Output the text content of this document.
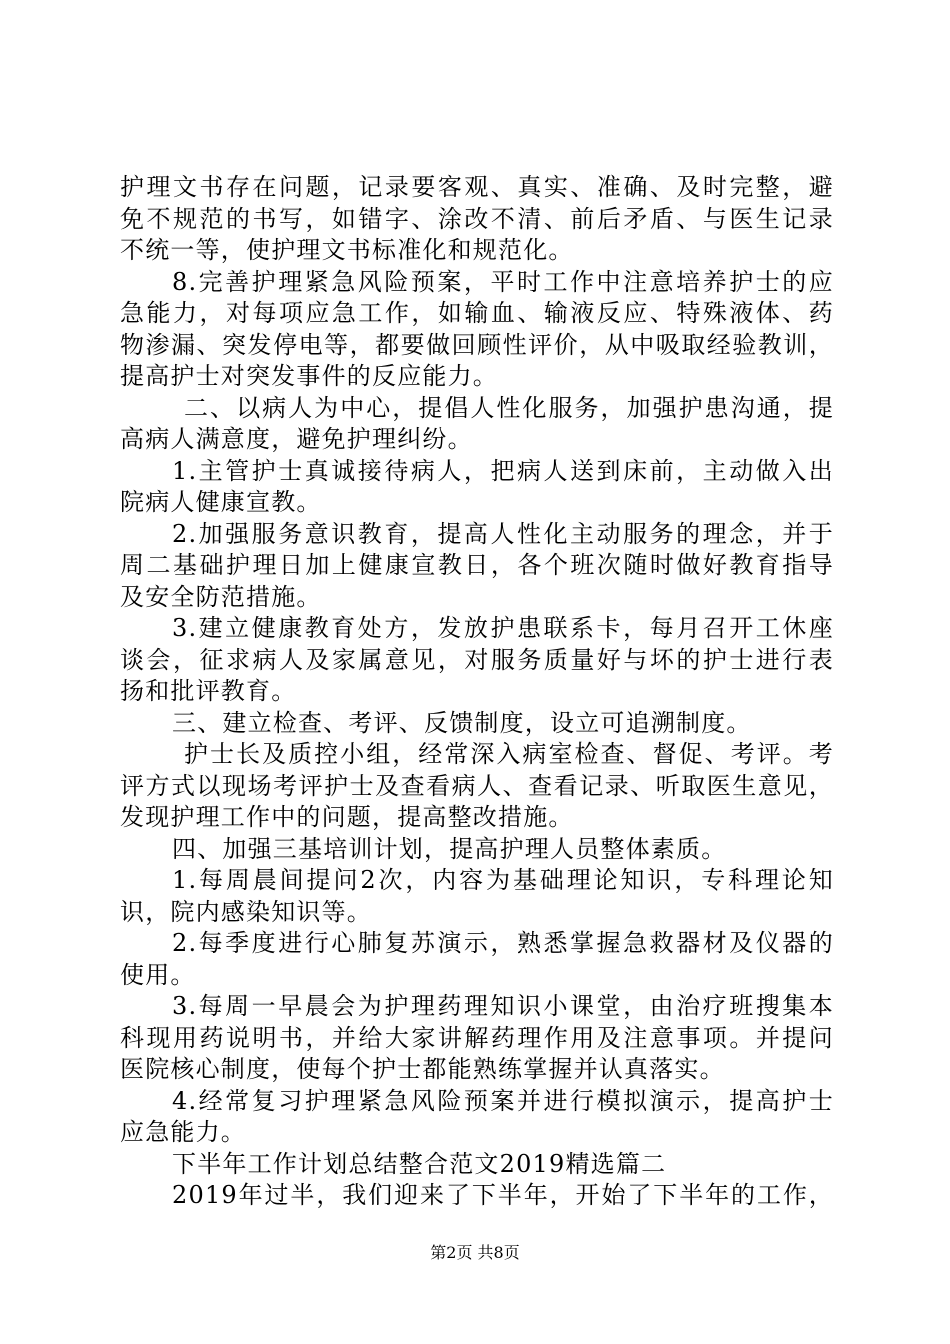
护理文书存在问题，记录要客观、真实、准确、及时完整，避
免不规范的书写，如错字、涂改不清、前后矛盾、与医生记录
不统一等，使护理文书标准化和规范化。
8.完善护理紧急风险预案，平时工作中注意培养护士的应
急能力，对每项应急工作，如输血、输液反应、特殊液体、药
物渗漏、突发停电等，都要做回顾性评价，从中吸取经验教训，
提高护士对突发事件的反应能力。
二、以病人为中心，提倡人性化服务，加强护患沟通，提
高病人满意度，避免护理纠纷。
1.主管护士真诚接待病人，把病人送到床前，主动做入出
院病人健康宣教。
2.加强服务意识教育，提高人性化主动服务的理念，并于
周二基础护理日加上健康宣教日，各个班次随时做好教育指导
及安全防范措施。
3.建立健康教育处方，发放护患联系卡，每月召开工休座
谈会，征求病人及家属意见，对服务质量好与坏的护士进行表
扬和批评教育。
三、建立检查、考评、反馈制度，设立可追溯制度。
护士长及质控小组，经常深入病室检查、督促、考评。考
评方式以现场考评护士及查看病人、查看记录、听取医生意见，
发现护理工作中的问题，提高整改措施。
四、加强三基培训计划，提高护理人员整体素质。
1.每周晨间提问2次，内容为基础理论知识，专科理论知
识，院内感染知识等。
2.每季度进行心肺复苏演示，熟悉掌握急救器材及仪器的
使用。
3.每周一早晨会为护理药理知识小课堂，由治疗班搜集本
科现用药说明书，并给大家讲解药理作用及注意事项。并提问
医院核心制度，使每个护士都能熟练掌握并认真落实。
4.经常复习护理紧急风险预案并进行模拟演示，提高护士
应急能力。
下半年工作计划总结整合范文2019精选篇二
2019年过半，我们迎来了下半年，开始了下半年的工作，
第2页 共8页
